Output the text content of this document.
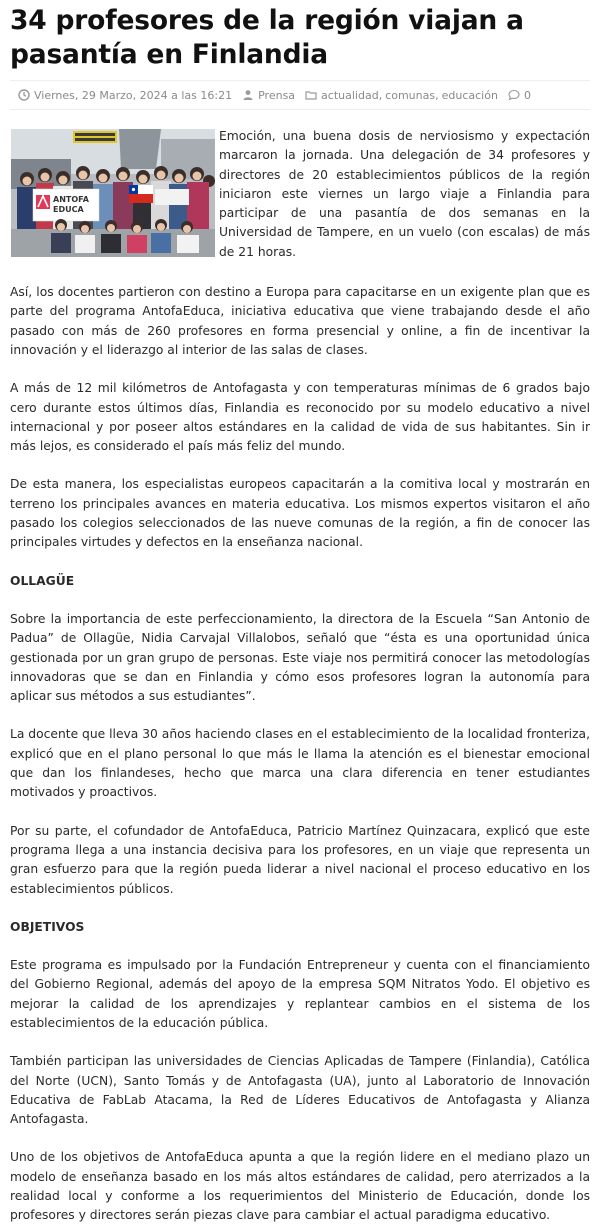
34 profesores de la región viajan a pasantía en Finlandia
Viernes, 29 Marzo, 2024 a las 16:21 Prensa actualidad , comunas , educación 0
ANTOFA
EDUCA

Emoción, una buena dosis de nerviosismo y expectación marcaron la jornada. Una delegación de 34 profesores y directores de 20 establecimientos públicos de la región iniciaron este viernes un largo viaje a Finlandia para participar de una pasantía de dos semanas en la Universidad de Tampere, en un vuelo (con escalas) de más de 21 horas.

Así, los docentes partieron con destino a Europa para capacitarse en un exigente plan que es parte del programa AntofaEduca, iniciativa educativa que viene trabajando desde el año pasado con más de 260 profesores en forma presencial y online, a fin de incentivar la innovación y el liderazgo al interior de las salas de clases.

A más de 12 mil kilómetros de Antofagasta y con temperaturas mínimas de 6 grados bajo cero durante estos últimos días, Finlandia es reconocido por su modelo educativo a nivel internacional y por poseer altos estándares en la calidad de vida de sus habitantes. Sin ir más lejos, es considerado el país más feliz del mundo.

De esta manera, los especialistas europeos capacitarán a la comitiva local y mostrarán en terreno los principales avances en materia educativa. Los mismos expertos visitaron el año pasado los colegios seleccionados de las nueve comunas de la región, a fin de conocer las principales virtudes y defectos en la enseñanza nacional.

OLLAGÜE

Sobre la importancia de este perfeccionamiento, la directora de la Escuela “San Antonio de Padua” de Ollagüe, Nidia Carvajal Villalobos, señaló que “ésta es una oportunidad única gestionada por un gran grupo de personas. Este viaje nos permitirá conocer las metodologías innovadoras que se dan en Finlandia y cómo esos profesores logran la autonomía para aplicar sus métodos a sus estudiantes”.

La docente que lleva 30 años haciendo clases en el establecimiento de la localidad fronteriza, explicó que en el plano personal lo que más le llama la atención es el bienestar emocional que dan los finlandeses, hecho que marca una clara diferencia en tener estudiantes motivados y proactivos.

Por su parte, el cofundador de AntofaEduca, Patricio Martínez Quinzacara, explicó que este programa llega a una instancia decisiva para los profesores, en un viaje que representa un gran esfuerzo para que la región pueda liderar a nivel nacional el proceso educativo en los establecimientos públicos.

OBJETIVOS

Este programa es impulsado por la Fundación Entrepreneur y cuenta con el financiamiento del Gobierno Regional, además del apoyo de la empresa SQM Nitratos Yodo. El objetivo es mejorar la calidad de los aprendizajes y replantear cambios en el sistema de los establecimientos de la educación pública.

También participan las universidades de Ciencias Aplicadas de Tampere (Finlandia), Católica del Norte (UCN), Santo Tomás y de Antofagasta (UA), junto al Laboratorio de Innovación Educativa de FabLab Atacama, la Red de Líderes Educativos de Antofagasta y Alianza Antofagasta.

Uno de los objetivos de AntofaEduca apunta a que la región lidere en el mediano plazo un modelo de enseñanza basado en los más altos estándares de calidad, pero aterrizados a la realidad local y conforme a los requerimientos del Ministerio de Educación, donde los profesores y directores serán piezas clave para cambiar el actual paradigma educativo.
